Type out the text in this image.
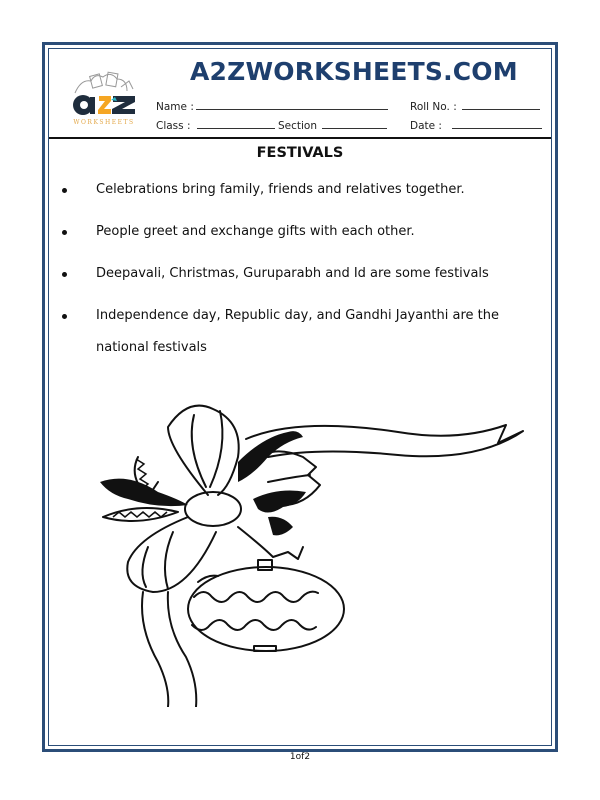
WORKSHEETS
A2ZWORKSHEETS.COM
Name :	Roll No. :
Class :	Section	Date :
FESTIVALS
Celebrations bring family, friends and relatives together.
People greet and exchange gifts with each other.
Deepavali, Christmas, Guruparabh and Id are some festivals
Independence day, Republic day, and Gandhi Jayanthi are the national festivals
1of2
